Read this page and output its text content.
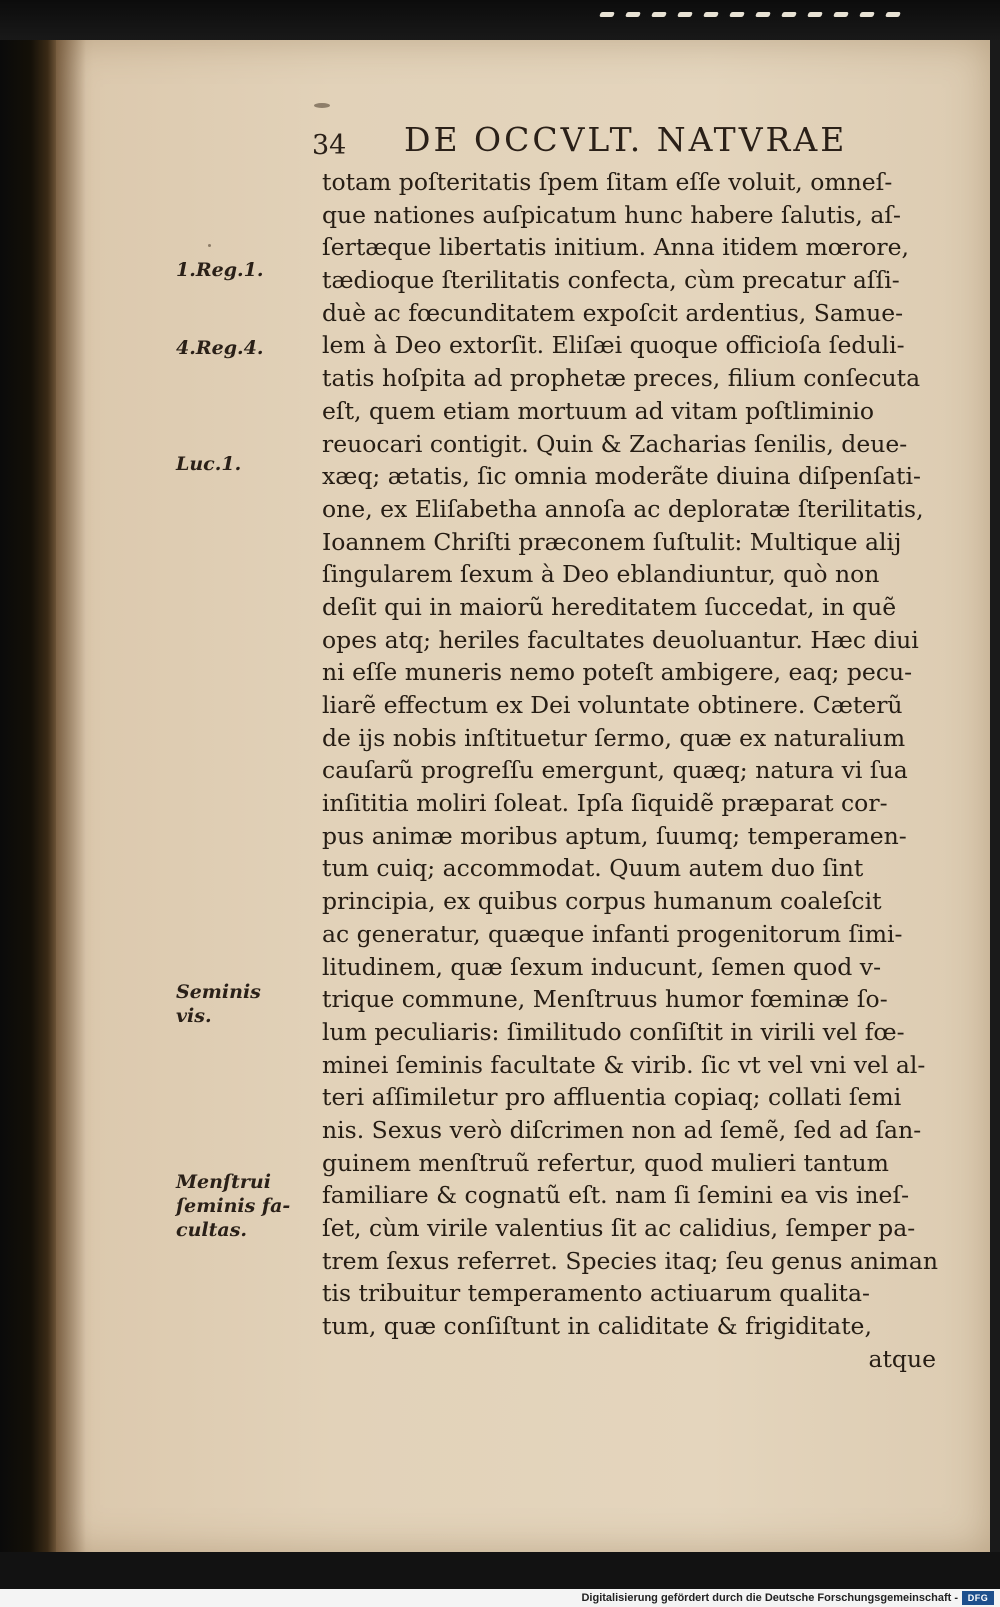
34 DE OCCVLT. NATVRAE
1.Reg.1.
4.Reg.4.
Luc.1.
Seminis
vis.
Menſtrui
ſeminis fa-
cultas.
totam poſteritatis ſpem ſitam eſſe voluit, omneſ-
que nationes auſpicatum hunc habere ſalutis, aſ-
ſertæque libertatis initium. Anna itidem mœrore,
tædioque ſterilitatis confecta, cùm precatur aſſi-
duè ac fœcunditatem expoſcit ardentius, Samue-
lem à Deo extorſit. Eliſæi quoque officioſa ſeduli-
tatis hoſpita ad prophetæ preces, filium conſecuta
eſt, quem etiam mortuum ad vitam poſtliminio
reuocari contigit. Quin & Zacharias ſenilis, deue-
xæq; ætatis, ſic omnia moderãte diuina diſpenſati-
one, ex Eliſabetha annoſa ac deploratæ ſterilitatis,
Ioannem Chriſti præconem ſuſtulit: Multique alij
ſingularem ſexum à Deo eblandiuntur, quò non
deſit qui in maiorũ hereditatem ſuccedat, in quẽ
opes atq; heriles facultates deuoluantur. Hæc diui
ni eſſe muneris nemo poteſt ambigere, eaq; pecu-
liarẽ effectum ex Dei voluntate obtinere. Cæterũ
de ijs nobis inſtituetur ſermo, quæ ex naturalium
cauſarũ progreſſu emergunt, quæq; natura vi ſua
inſititia moliri ſoleat. Ipſa ſiquidẽ præparat cor-
pus animæ moribus aptum, ſuumq; temperamen-
tum cuiq; accommodat. Quum autem duo ſint
principia, ex quibus corpus humanum coaleſcit
ac generatur, quæque infanti progenitorum ſimi-
litudinem, quæ ſexum inducunt, ſemen quod v-
trique commune, Menſtruus humor fœminæ ſo-
lum peculiaris: ſimilitudo conſiſtit in virili vel fœ-
minei ſeminis facultate & virib. ſic vt vel vni vel al-
teri aſſimiletur pro affluentia copiaq; collati ſemi
nis. Sexus verò diſcrimen non ad ſemẽ, ſed ad ſan-
guinem menſtruũ refertur, quod mulieri tantum
familiare & cognatũ eſt. nam ſi ſemini ea vis ineſ-
ſet, cùm virile valentius ſit ac calidius, ſemper pa-
trem ſexus referret. Species itaq; ſeu genus animan
tis tribuitur temperamento actiuarum qualita-
tum, quæ conſiſtunt in caliditate & frigiditate,
atque
Digitalisierung gefördert durch die Deutsche Forschungsgemeinschaft -	DFG
